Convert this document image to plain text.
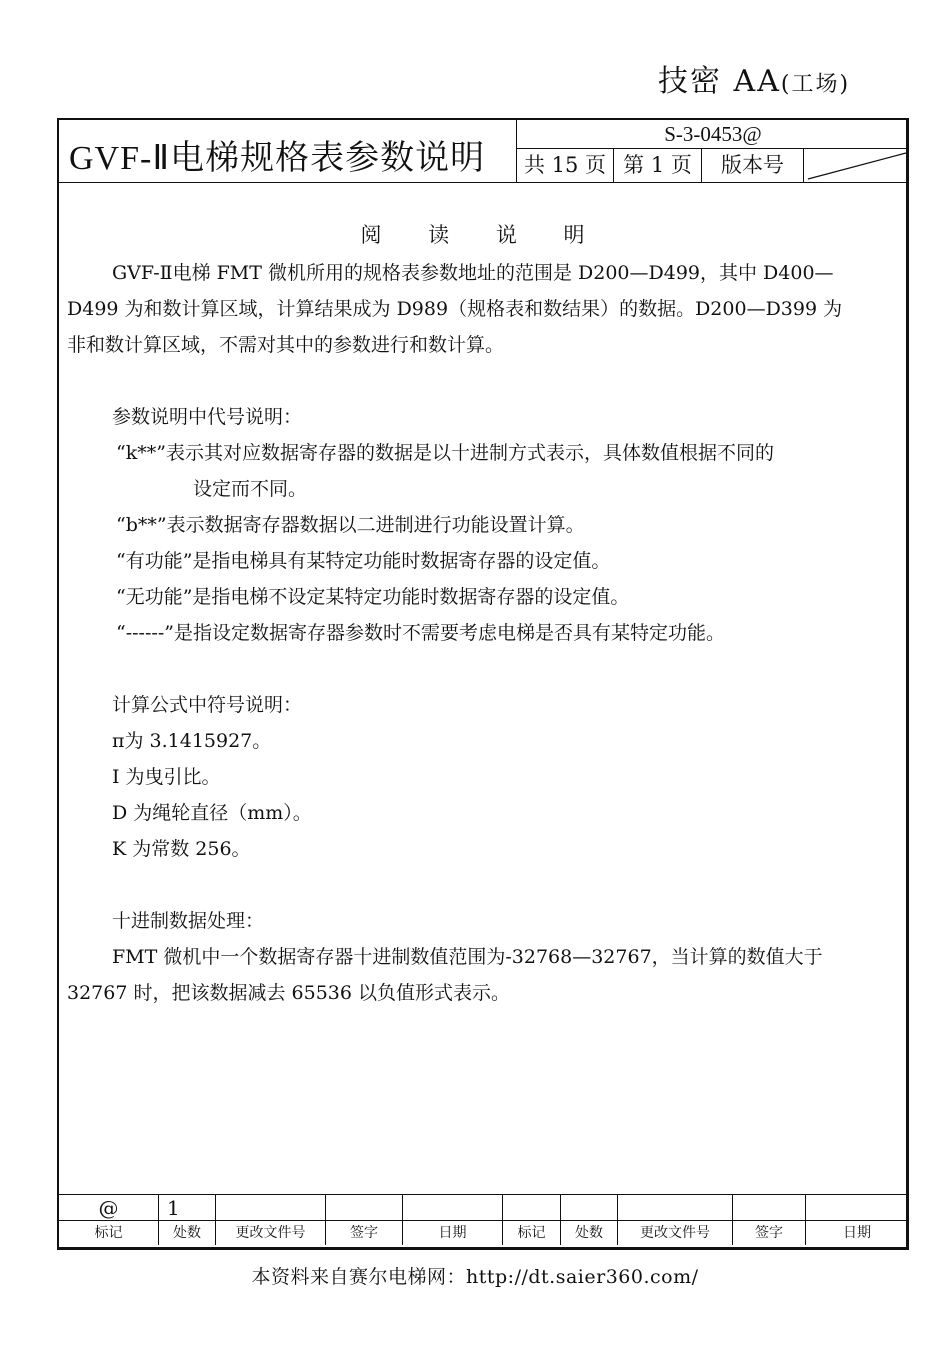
技密 AA(工场)
GVF-Ⅱ电梯规格表参数说明
S-3-0453@
共 15 页 第 1 页	版本号
阅 读 说 明
GVF-Ⅱ电梯 FMT 微机所用的规格表参数地址的范围是 D200—D499，其中 D400—
D499 为和数计算区域，计算结果成为 D989（规格表和数结果）的数据。D200—D399 为
非和数计算区域，不需对其中的参数进行和数计算。
参数说明中代号说明：
“k**”表示其对应数据寄存器的数据是以十进制方式表示，具体数值根据不同的
设定而不同。
“b**”表示数据寄存器数据以二进制进行功能设置计算。
“有功能”是指电梯具有某特定功能时数据寄存器的设定值。
“无功能”是指电梯不设定某特定功能时数据寄存器的设定值。
“------”是指设定数据寄存器参数时不需要考虑电梯是否具有某特定功能。
计算公式中符号说明：
π为 3.1415927。
I 为曳引比。
D 为绳轮直径（mm）。
K 为常数 256。
十进制数据处理：
FMT 微机中一个数据寄存器十进制数值范围为-32768—32767，当计算的数值大于
32767 时，把该数据减去 65536 以负值形式表示。
@	1
标记	处数	更改文件号	签字	日期	标记	处数	更改文件号	签字	日期
本资料来自赛尔电梯网：http://dt.saier360.com/
